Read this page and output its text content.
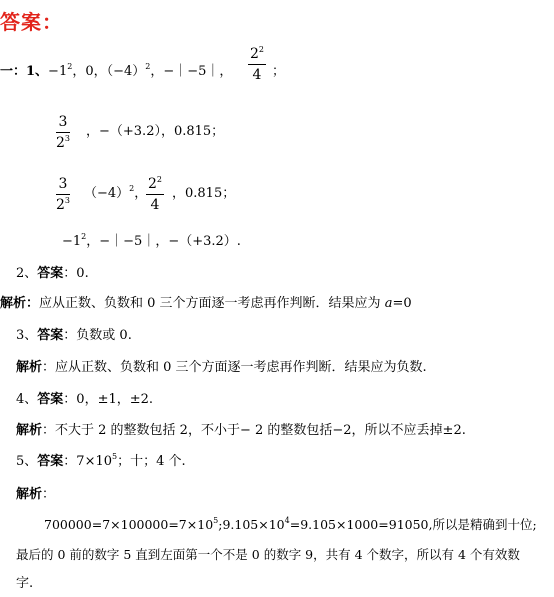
答案：
一：1、$-1^2$，0，$(-4)^2$，−｜−5｜， $\frac{2^2}{4}$ ；
$\frac{3}{2^3}$ ，−（+3.2），0.815；
$\frac{3}{2^3} (-4)^2$，
$\frac{2^2}{4}$ ，0.815；
$-1^2$，−｜−5｜，−（+3.2）.
2、答案：0.
解析：应从正数、负数和 0 三个方面逐一考虑再作判断．结果应为 a=0
3、答案：负数或 0.
解析：应从正数、负数和 0 三个方面逐一考虑再作判断．结果应为负数.
4、答案：0，±1，±2.
解析：不大于 2 的整数包括 2，不小于− 2 的整数包括−2，所以不应丢掉±2.
5、答案：$7\times 10^5$；十；4 个.
解析：
$700000=7\times 100000=7\times 10^5;9.105\times 10^4=9.105\times 1000=91050$,所以是精确到十位;
最后的 0 前的数字 5 直到左面第一个不是 0 的数字 9，共有 4 个数字，所以有 4 个有效数
字.
